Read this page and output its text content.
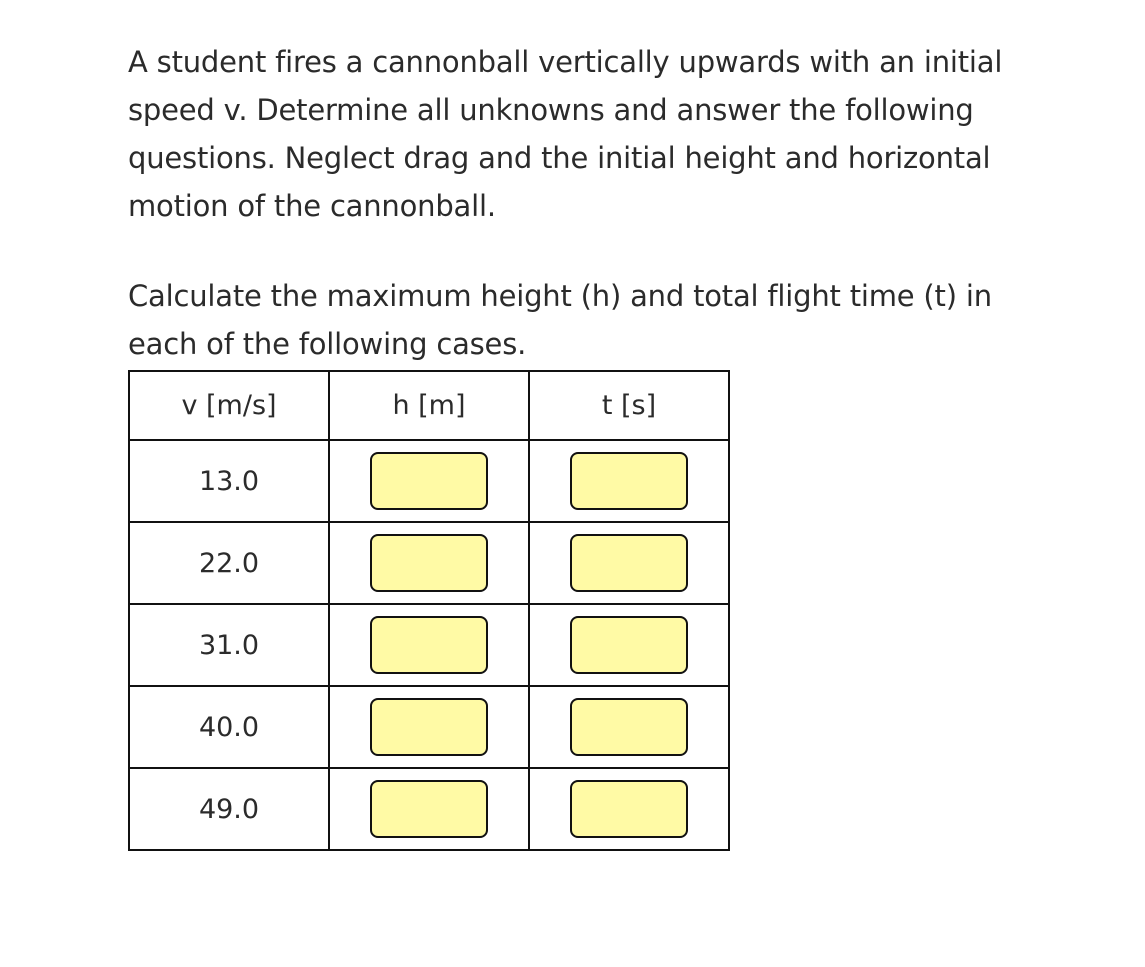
A student fires a cannonball vertically upwards with an initial speed v. Determine all unknowns and answer the following questions. Neglect drag and the initial height and horizontal motion of the cannonball.

Calculate the maximum height (h) and total flight time (t) in each of the following cases.

v [m/s]	h [m]	t [s]
13.0		
22.0		
31.0		
40.0		
49.0		
